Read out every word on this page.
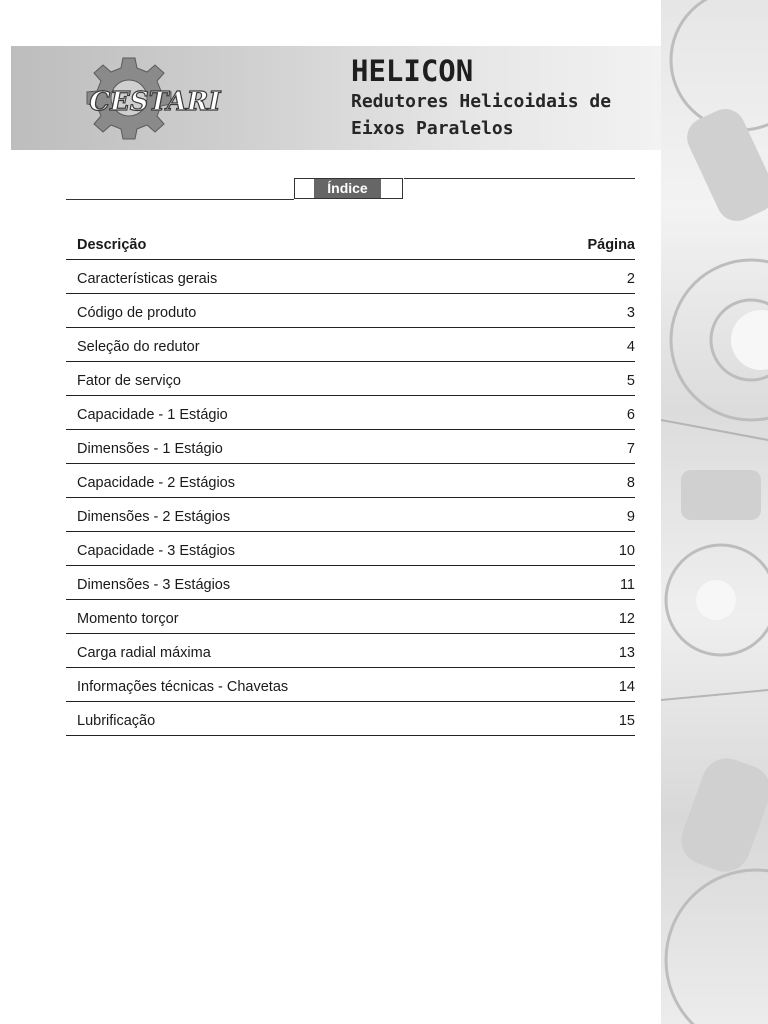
CESTARI
HELICON
Redutores Helicoidais de
Eixos Paralelos
Índice
Descrição	Página
Características gerais	2
Código de produto	3
Seleção do redutor	4
Fator de serviço	5
Capacidade - 1 Estágio	6
Dimensões - 1 Estágio	7
Capacidade - 2 Estágios	8
Dimensões - 2 Estágios	9
Capacidade - 3 Estágios	10
Dimensões - 3 Estágios	11
Momento torçor	12
Carga radial máxima	13
Informações técnicas - Chavetas	14
Lubrificação	15
